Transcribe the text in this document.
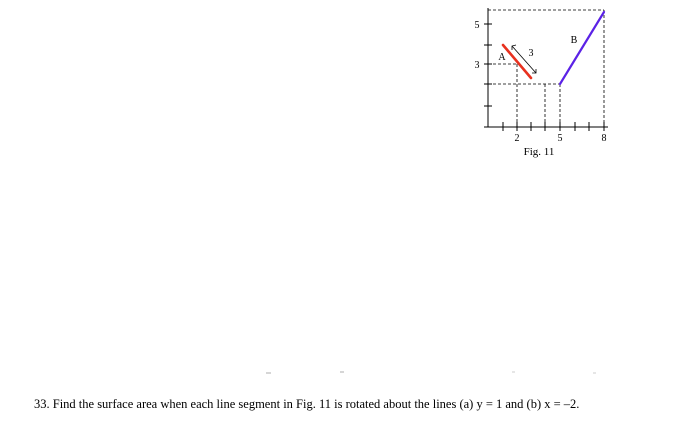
5
3
2	5	8
3
A
B
Fig. 11
33. Find the surface area when each line segment in Fig. 11 is rotated about the lines (a) y = 1 and (b) x = –2.
